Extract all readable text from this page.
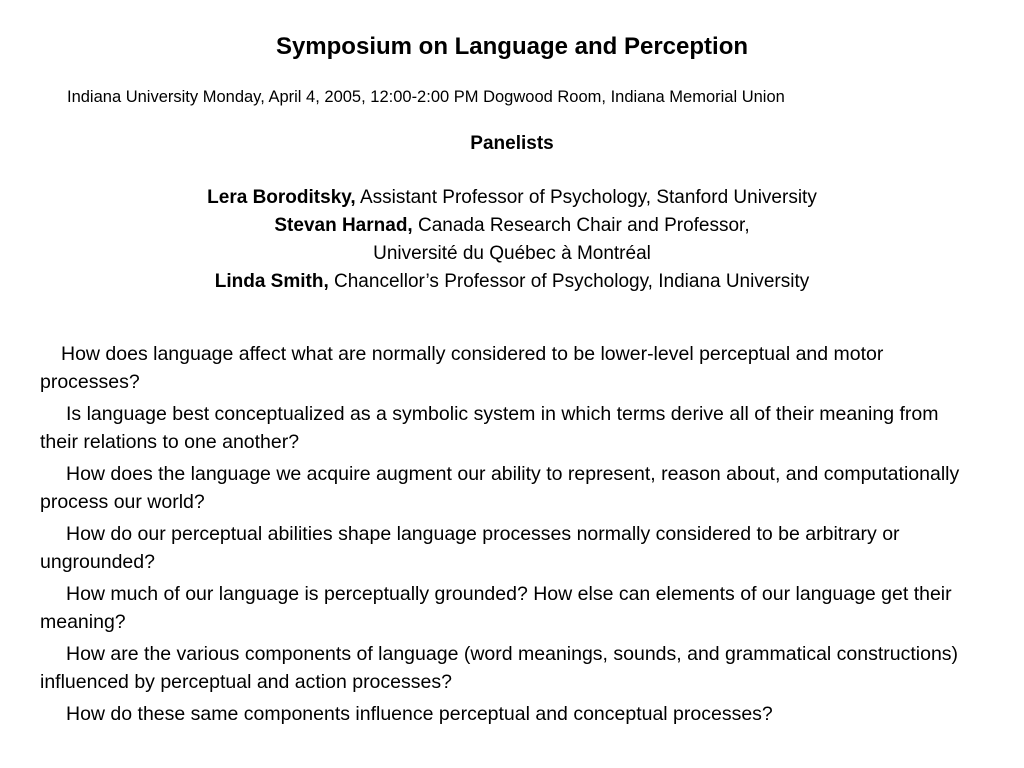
Symposium on Language and Perception
Indiana University Monday, April 4, 2005, 12:00-2:00 PM Dogwood Room, Indiana Memorial Union
Panelists
Lera Boroditsky, Assistant Professor of Psychology, Stanford University
Stevan Harnad, Canada Research Chair and Professor,
Université du Québec à Montréal
Linda Smith, Chancellor’s Professor of Psychology, Indiana University

How does language affect what are normally considered to be lower-level perceptual and motor processes?

Is language best conceptualized as a symbolic system in which terms derive all of their meaning from their relations to one another?

How does the language we acquire augment our ability to represent, reason about, and computationally process our world?

How do our perceptual abilities shape language processes normally considered to be arbitrary or ungrounded?

How much of our language is perceptually grounded? How else can elements of our language get their meaning?

How are the various components of language (word meanings, sounds, and grammatical constructions) influenced by perceptual and action processes?

How do these same components influence perceptual and conceptual processes?
